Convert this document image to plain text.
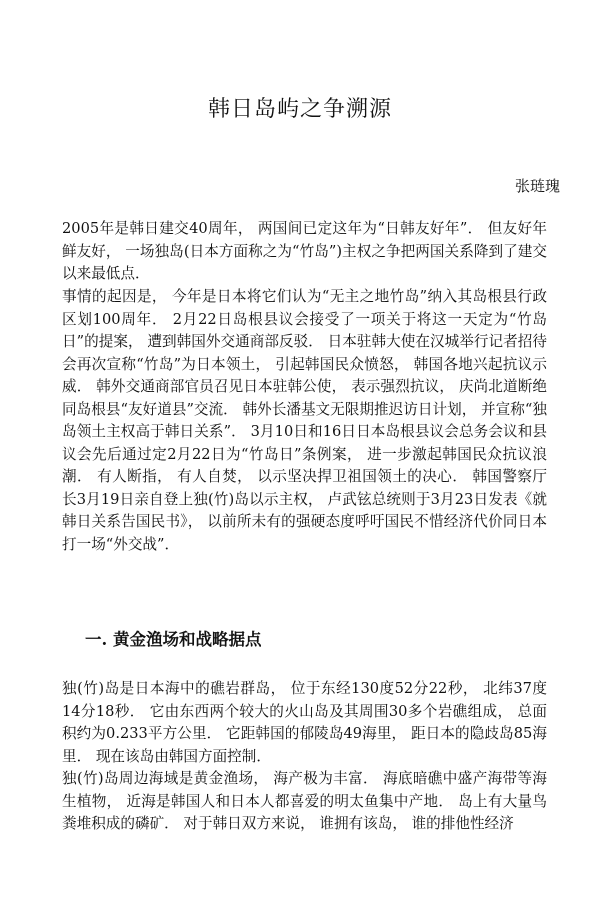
韩日岛屿之争溯源

张琏瑰

2005年是韩日建交40周年， 两国间已定这年为“日韩友好年”． 但友好年鲜友好， 一场独岛(日本方面称之为“竹岛”)主权之争把两国关系降到了建交以来最低点．

事情的起因是， 今年是日本将它们认为“无主之地竹岛”纳入其岛根县行政区划100周年． 2月22日岛根县议会接受了一项关于将这一天定为“竹岛日”的提案， 遭到韩国外交通商部反驳． 日本驻韩大使在汉城举行记者招待会再次宣称“竹岛”为日本领土， 引起韩国民众愤怒， 韩国各地兴起抗议示威． 韩外交通商部官员召见日本驻韩公使， 表示强烈抗议， 庆尚北道断绝同岛根县“友好道县”交流． 韩外长潘基文无限期推迟访日计划， 并宣称“独岛领土主权高于韩日关系”． 3月10日和16日日本岛根县议会总务会议和县议会先后通过定2月22日为“竹岛日”条例案， 进一步激起韩国民众抗议浪潮． 有人断指， 有人自焚， 以示坚决捍卫祖国领土的决心． 韩国警察厅长3月19日亲自登上独(竹)岛以示主权， 卢武铉总统则于3月23日发表《就韩日关系告国民书》， 以前所未有的强硬态度呼吁国民不惜经济代价同日本打一场“外交战”．

一. 黄金渔场和战略据点

独(竹)岛是日本海中的礁岩群岛， 位于东经130度52分22秒， 北纬37度14分18秒． 它由东西两个较大的火山岛及其周围30多个岩礁组成， 总面积约为0.233平方公里． 它距韩国的郁陵岛49海里， 距日本的隐歧岛85海里． 现在该岛由韩国方面控制．

独(竹)岛周边海域是黄金渔场， 海产极为丰富． 海底暗礁中盛产海带等海生植物， 近海是韩国人和日本人都喜爱的明太鱼集中产地． 岛上有大量鸟粪堆积成的磷矿． 对于韩日双方来说， 谁拥有该岛， 谁的排他性经济
